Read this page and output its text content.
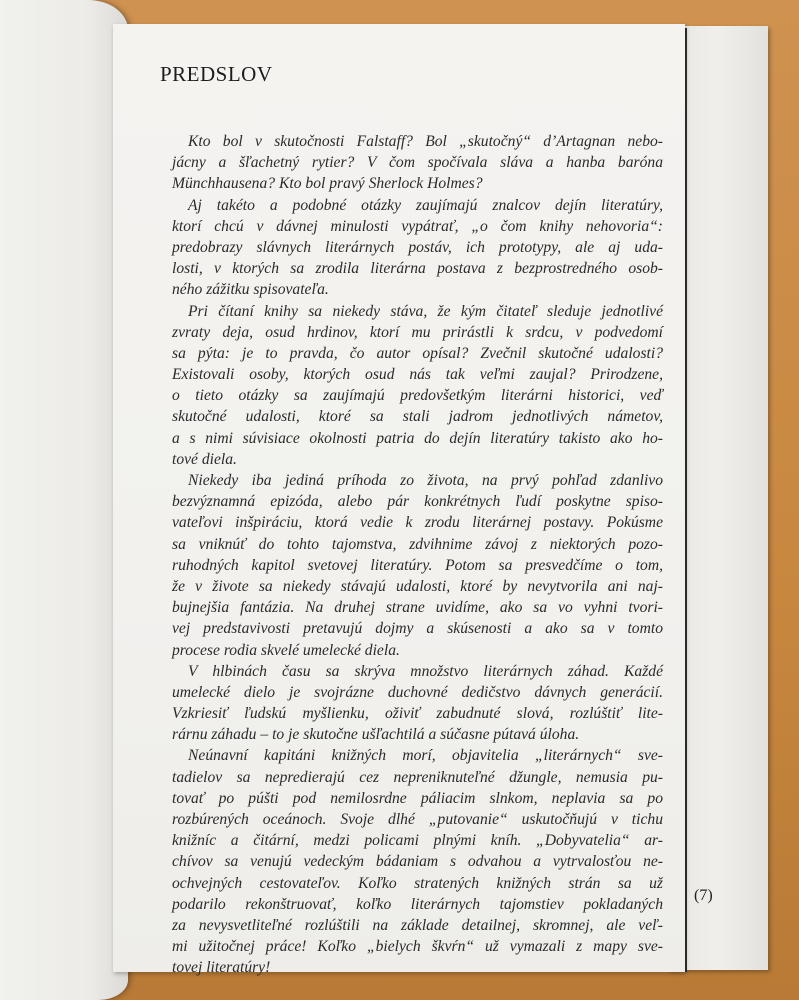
PREDSLOV
Kto bol v skutočnosti Falstaff? Bol „skutočný“ d’Artagnan nebo-
jácny a šľachetný rytier? V čom spočívala sláva a hanba baróna
Münchhausena? Kto bol pravý Sherlock Holmes?
Aj takéto a podobné otázky zaujímajú znalcov dejín literatúry,
ktorí chcú v dávnej minulosti vypátrať, „o čom knihy nehovoria“:
predobrazy slávnych literárnych postáv, ich prototypy, ale aj uda-
losti, v ktorých sa zrodila literárna postava z bezprostredného osob-
ného zážitku spisovateľa.
Pri čítaní knihy sa niekedy stáva, že kým čitateľ sleduje jednotlivé
zvraty deja, osud hrdinov, ktorí mu prirástli k srdcu, v podvedomí
sa pýta: je to pravda, čo autor opísal? Zvečnil skutočné udalosti?
Existovali osoby, ktorých osud nás tak veľmi zaujal? Prirodzene,
o tieto otázky sa zaujímajú predovšetkým literárni historici, veď
skutočné udalosti, ktoré sa stali jadrom jednotlivých námetov,
a s nimi súvisiace okolnosti patria do dejín literatúry takisto ako ho-
tové diela.
Niekedy iba jediná príhoda zo života, na prvý pohľad zdanlivo
bezvýznamná epizóda, alebo pár konkrétnych ľudí poskytne spiso-
vateľovi inšpiráciu, ktorá vedie k zrodu literárnej postavy. Pokúsme
sa vniknúť do tohto tajomstva, zdvihnime závoj z niektorých pozo-
ruhodných kapitol svetovej literatúry. Potom sa presvedčíme o tom,
že v živote sa niekedy stávajú udalosti, ktoré by nevytvorila ani naj-
bujnejšia fantázia. Na druhej strane uvidíme, ako sa vo vyhni tvori-
vej predstavivosti pretavujú dojmy a skúsenosti a ako sa v tomto
procese rodia skvelé umelecké diela.
V hlbinách času sa skrýva množstvo literárnych záhad. Každé
umelecké dielo je svojrázne duchovné dedičstvo dávnych generácií.
Vzkriesiť ľudskú myšlienku, oživiť zabudnuté slová, rozlúštiť lite-
rárnu záhadu – to je skutočne ušľachtilá a súčasne pútavá úloha.
Neúnavní kapitáni knižných morí, objavitelia „literárnych“ sve-
tadielov sa nepredierajú cez nepreniknuteľné džungle, nemusia pu-
tovať po púšti pod nemilosrdne páliacim slnkom, neplavia sa po
rozbúrených oceánoch. Svoje dlhé „putovanie“ uskutočňujú v tichu
knižníc a čitární, medzi policami plnými kníh. „Dobyvatelia“ ar-
chívov sa venujú vedeckým bádaniam s odvahou a vytrvalosťou ne-
ochvejných cestovateľov. Koľko stratených knižných strán sa už
podarilo rekonštruovať, koľko literárnych tajomstiev pokladaných
za nevysvetliteľné rozlúštili na základe detailnej, skromnej, ale veľ-
mi užitočnej práce! Koľko „bielych škvŕn“ už vymazali z mapy sve-
tovej literatúry!
(7)
